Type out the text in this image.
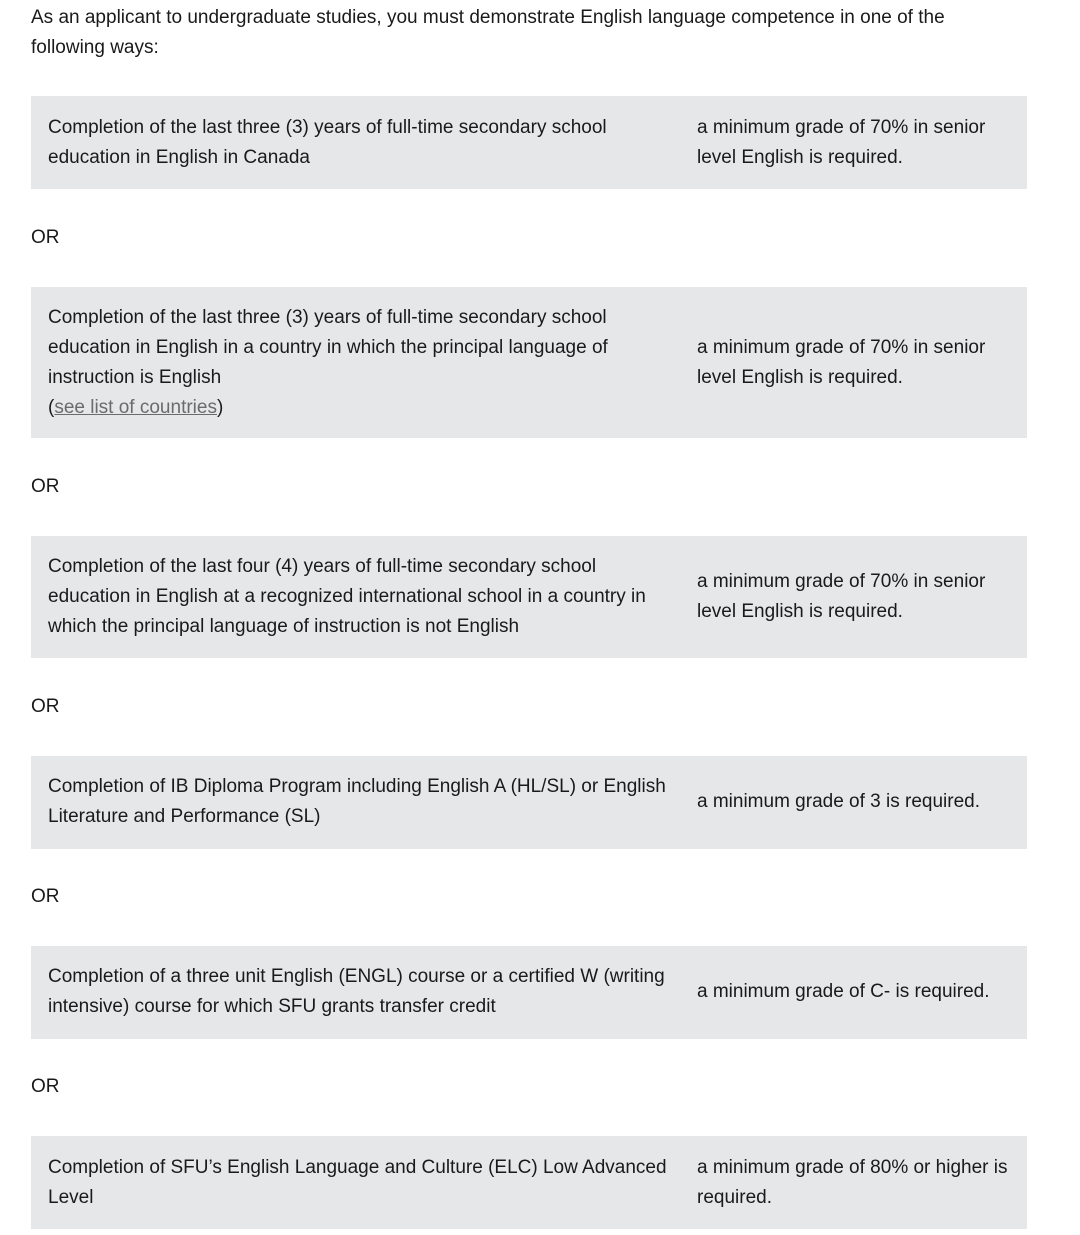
As an applicant to undergraduate studies, you must demonstrate English language competence in one of the following ways:

Completion of the last three (3) years of full-time secondary school education in English in Canada
a minimum grade of 70% in senior level English is required.
OR
Completion of the last three (3) years of full-time secondary school education in English in a country in which the principal language of instruction is English
(see list of countries)
a minimum grade of 70% in senior level English is required.
OR
Completion of the last four (4) years of full-time secondary school education in English at a recognized international school in a country in which the principal language of instruction is not English
a minimum grade of 70% in senior level English is required.
OR
Completion of IB Diploma Program including English A (HL/SL) or English Literature and Performance (SL)
a minimum grade of 3 is required.
OR
Completion of a three unit English (ENGL) course or a certified W (writing intensive) course for which SFU grants transfer credit
a minimum grade of C- is required.
OR
Completion of SFU’s English Language and Culture (ELC) Low Advanced Level
a minimum grade of 80% or higher is required.
